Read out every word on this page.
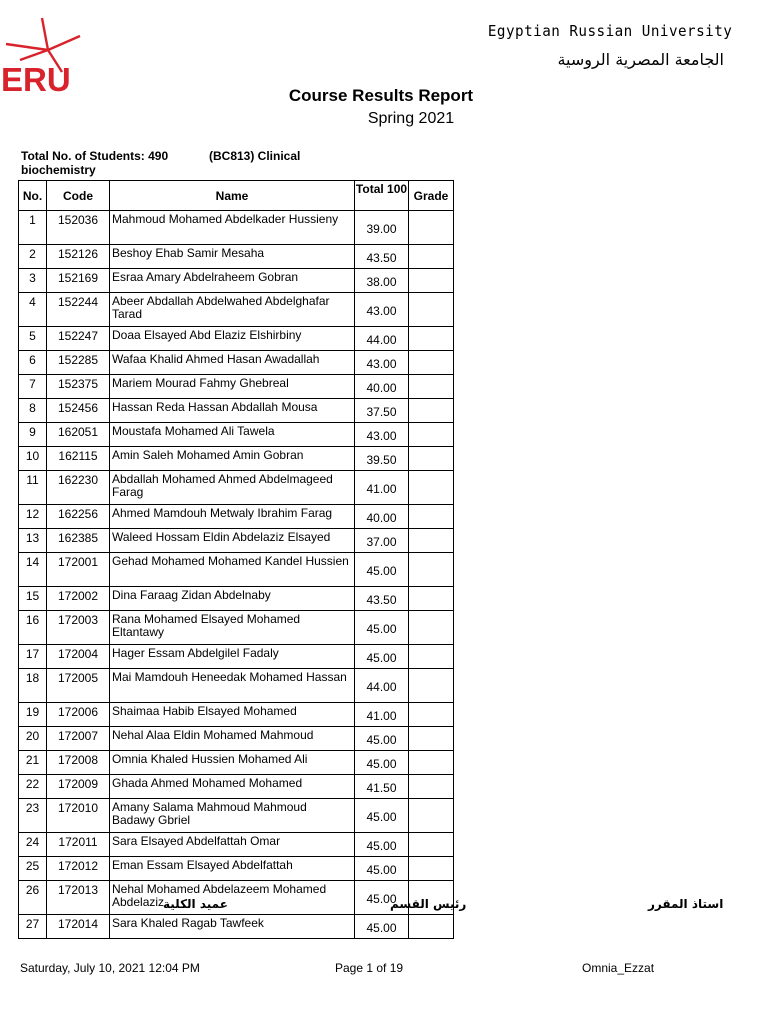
ERU
Egyptian Russian University
الجامعة المصرية الروسية
Course Results Report
Spring 2021
Total No. of Students: 490 biochemistry
(BC813) Clinical
No.	Code	Name	Total 100	Grade
1	152036	Mahmoud Mohamed Abdelkader Hussieny	39.00	
2	152126	Beshoy Ehab Samir Mesaha	43.50	
3	152169	Esraa Amary Abdelraheem Gobran	38.00	
4	152244	Abeer Abdallah Abdelwahed Abdelghafar Tarad	43.00	
5	152247	Doaa Elsayed Abd Elaziz Elshirbiny	44.00	
6	152285	Wafaa Khalid Ahmed Hasan Awadallah	43.00	
7	152375	Mariem Mourad Fahmy Ghebreal	40.00	
8	152456	Hassan Reda Hassan Abdallah Mousa	37.50	
9	162051	Moustafa Mohamed Ali Tawela	43.00	
10	162115	Amin Saleh Mohamed Amin Gobran	39.50	
11	162230	Abdallah Mohamed Ahmed Abdelmageed Farag	41.00	
12	162256	Ahmed Mamdouh Metwaly Ibrahim Farag	40.00	
13	162385	Waleed Hossam Eldin Abdelaziz Elsayed	37.00	
14	172001	Gehad Mohamed Mohamed Kandel Hussien	45.00	
15	172002	Dina Faraag Zidan Abdelnaby	43.50	
16	172003	Rana Mohamed Elsayed Mohamed Eltantawy	45.00	
17	172004	Hager Essam Abdelgilel Fadaly	45.00	
18	172005	Mai Mamdouh Heneedak Mohamed Hassan	44.00	
19	172006	Shaimaa Habib Elsayed Mohamed	41.00	
20	172007	Nehal Alaa Eldin Mohamed Mahmoud	45.00	
21	172008	Omnia Khaled Hussien Mohamed Ali	45.00	
22	172009	Ghada Ahmed Mohamed Mohamed	41.50	
23	172010	Amany Salama Mahmoud Mahmoud Badawy Gbriel	45.00	
24	172011	Sara Elsayed Abdelfattah Omar	45.00	
25	172012	Eman Essam Elsayed Abdelfattah	45.00	
26	172013	Nehal Mohamed Abdelazeem Mohamed Abdelaziz	45.00	
27	172014	Sara Khaled Ragab Tawfeek	45.00	
عميد الكلية	رئيس القسم	استاذ المقرر
Saturday, July 10, 2021 12:04 PM	Page 1 of 19	Omnia_Ezzat
